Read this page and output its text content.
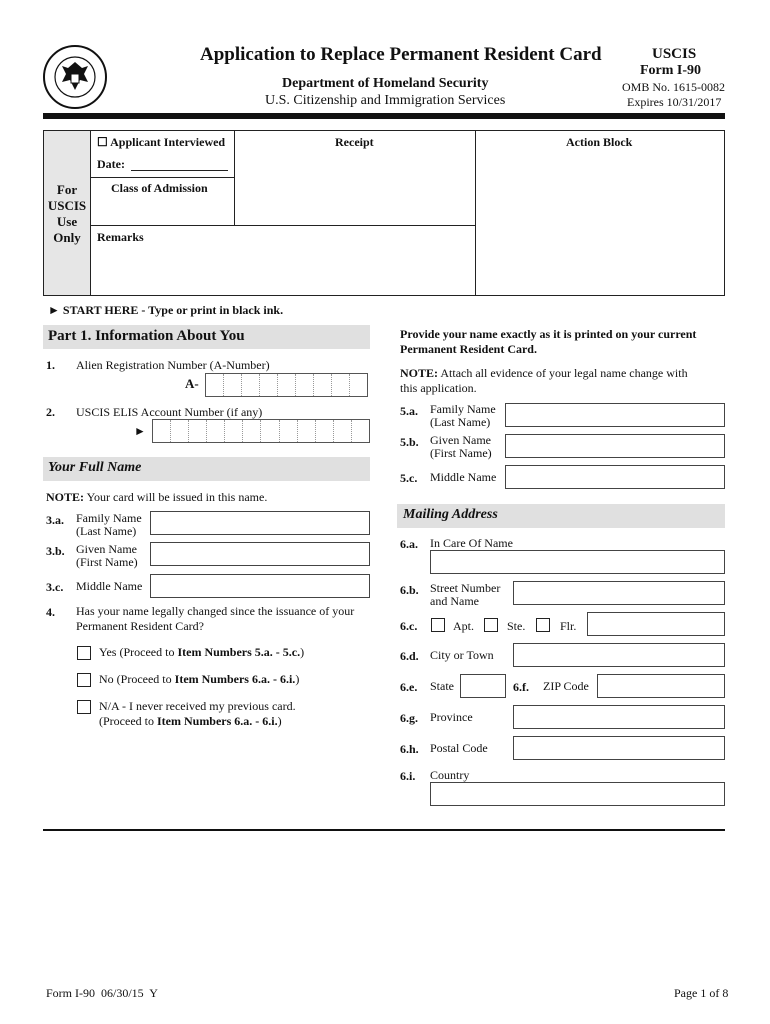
Application to Replace Permanent Resident Card
Department of Homeland Security
U.S. Citizenship and Immigration Services
USCIS
Form I-90
OMB No. 1615-0082
Expires 10/31/2017
For
USCIS
Use
Only
☐ Applicant Interviewed
Date:
Class of Admission
Remarks
Receipt	Action Block
► START HERE - Type or print in black ink.
Part 1. Information About You
1. Alien Registration Number (A-Number)
A-
2. USCIS ELIS Account Number (if any)
►
Your Full Name
NOTE: Your card will be issued in this name.
3.a. Family Name
(Last Name)
3.b. Given Name
(First Name)
3.c. Middle Name
4. Has your name legally changed since the issuance of your
Permanent Resident Card?
Yes (Proceed to Item Numbers 5.a. - 5.c.)
No (Proceed to Item Numbers 6.a. - 6.i.)
N/A - I never received my previous card.
(Proceed to Item Numbers 6.a. - 6.i.)
Provide your name exactly as it is printed on your current
Permanent Resident Card.
NOTE: Attach all evidence of your legal name change with
this application.
5.a. Family Name
(Last Name)
5.b. Given Name
(First Name)
5.c. Middle Name
Mailing Address
6.a. In Care Of Name
6.b. Street Number
and Name
6.c.	Apt.	Ste.	Flr.
6.d. City or Town
6.e. State	6.f. ZIP Code
6.g. Province
6.h. Postal Code
6.i. Country
Form I-90  06/30/15  Y	Page 1 of 8
